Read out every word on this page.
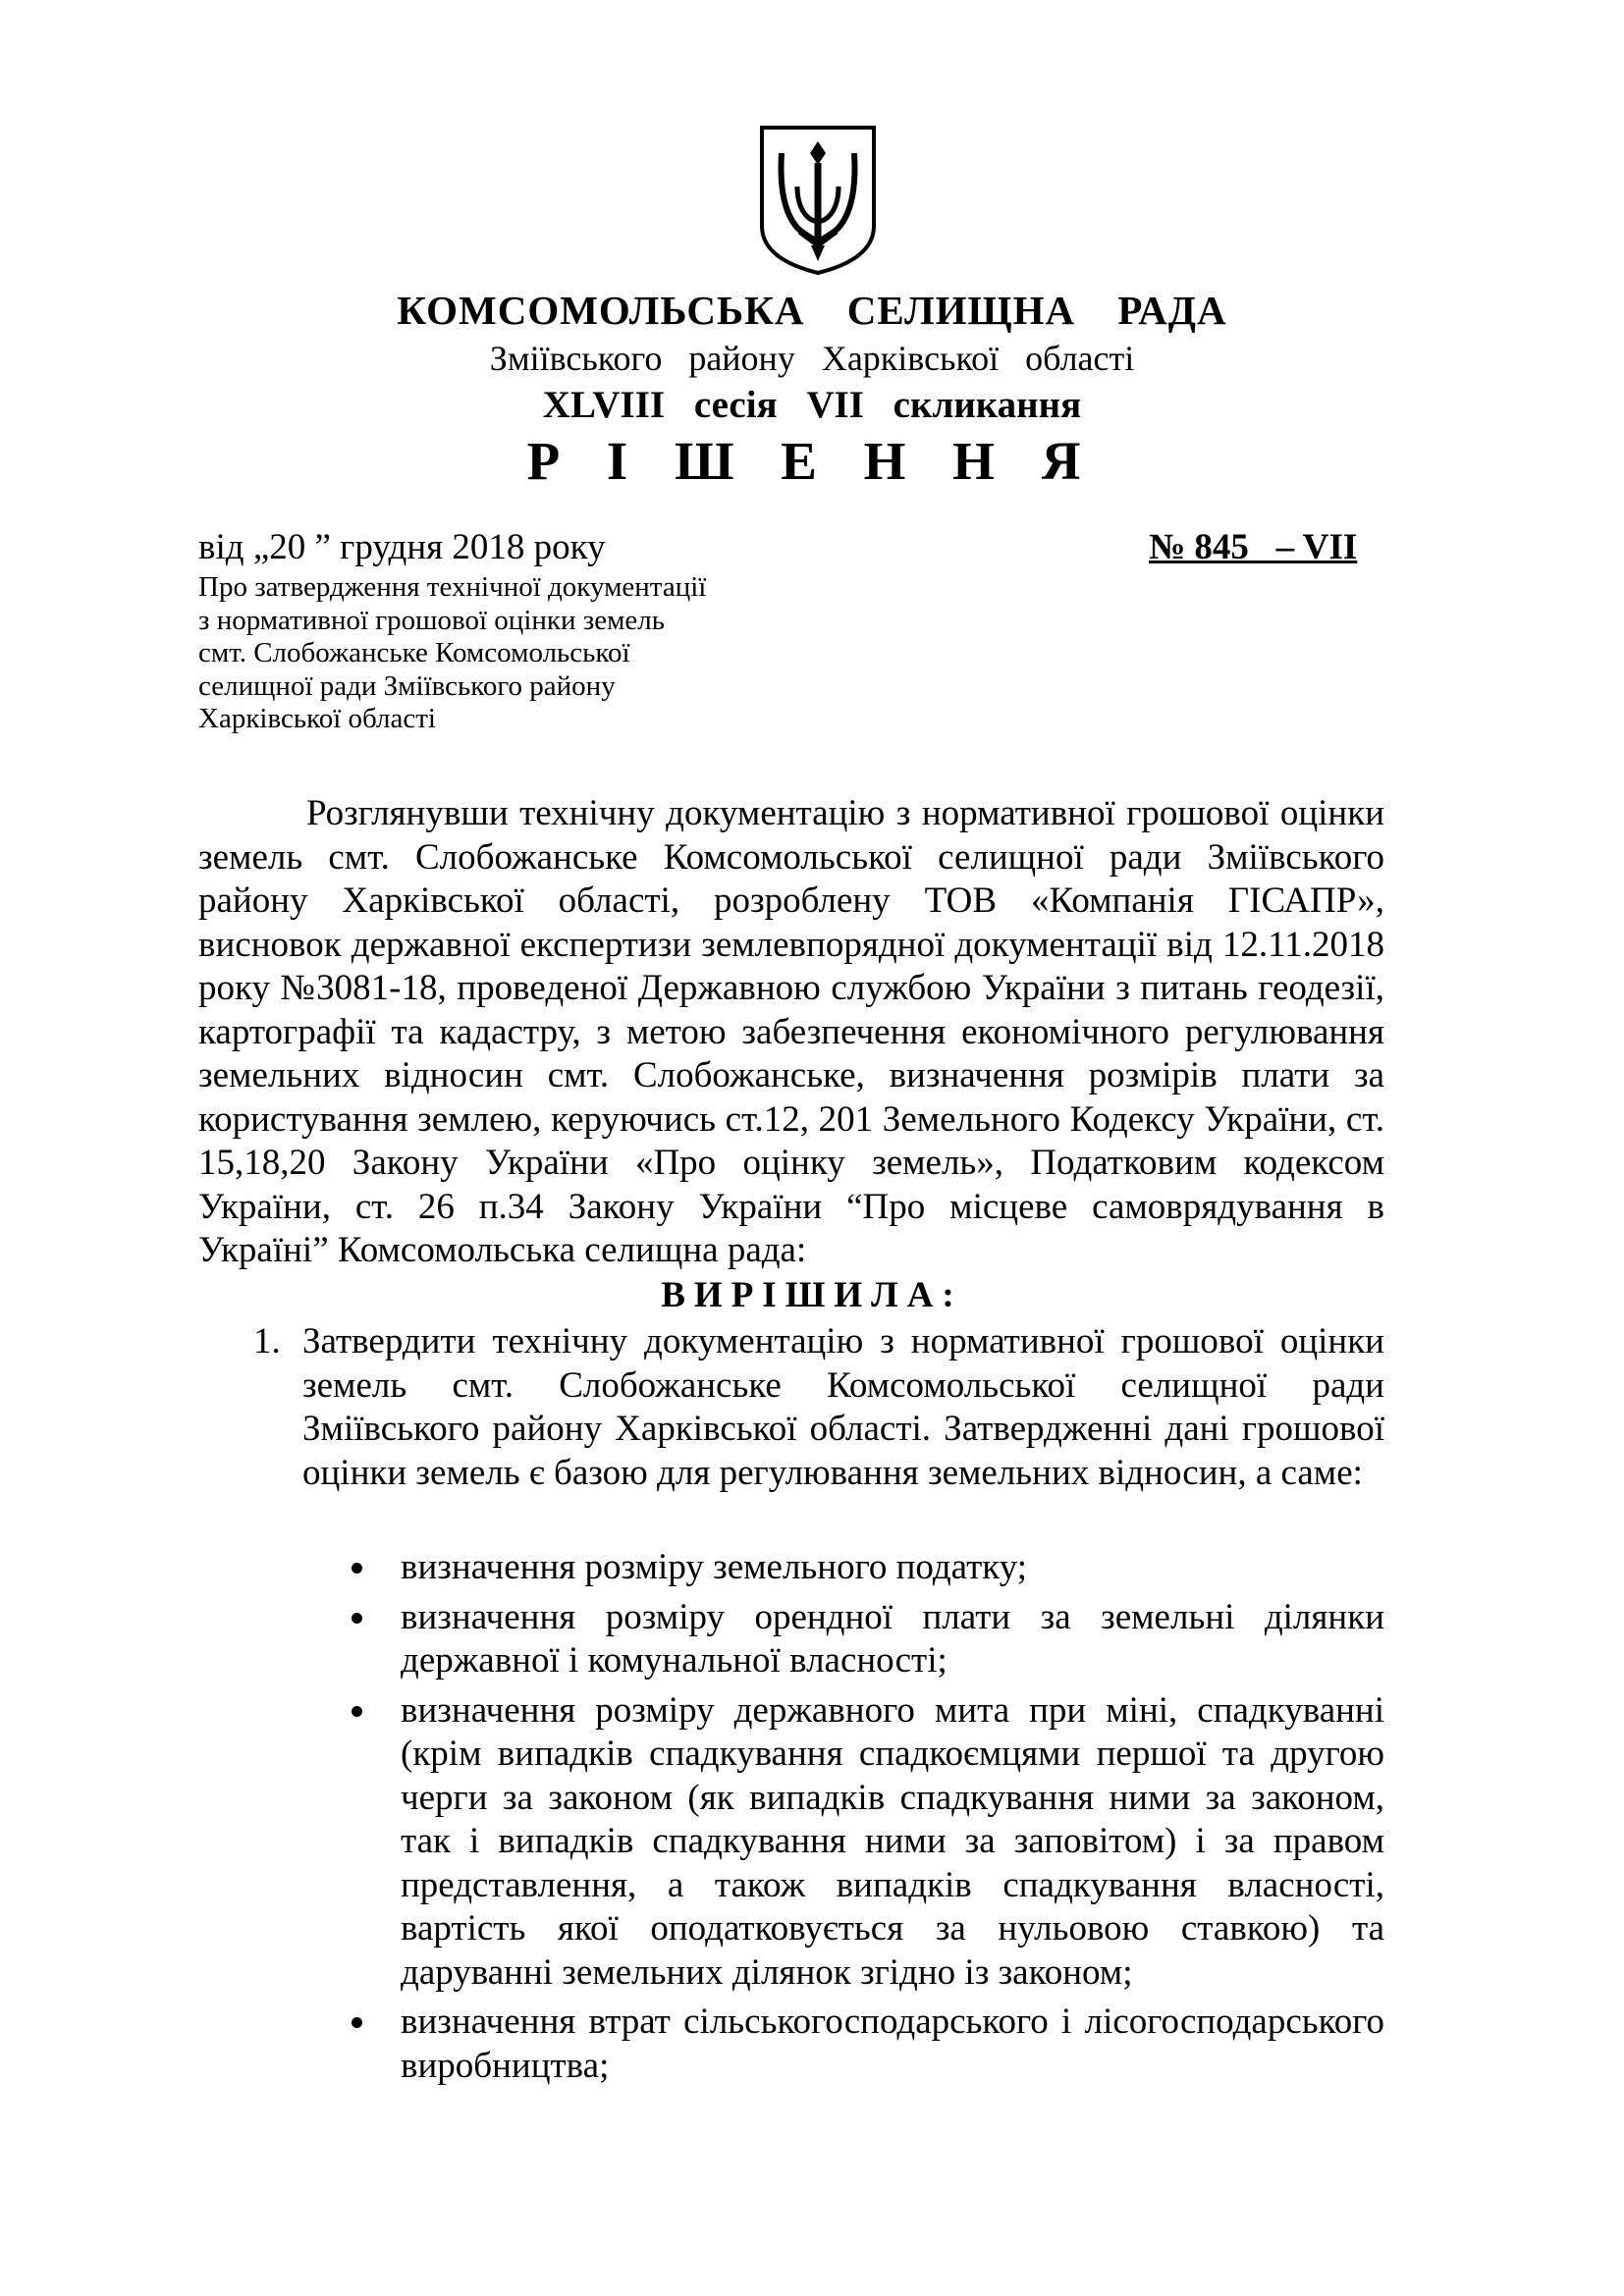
КОМСОМОЛЬСЬКА СЕЛИЩНА РАДА
Зміївського району Харківської області
XLVIII сесія VII скликання
Р І Ш Е Н Н Я
від „20 ” грудня 2018 року	№ 845   – VII
Про затвердження технічної документації
з нормативної грошової оцінки земель
смт. Слобожанське Комсомольської
селищної ради Зміївського району
Харківської області

Розглянувши технічну документацію з нормативної грошової оцінки земель смт. Слобожанське Комсомольської селищної ради Зміївського району Харківської області, розроблену ТОВ «Компанія ГІСАПР», висновок державної експертизи землевпорядної документації від 12.11.2018 року №3081-18, проведеної Державною службою України з питань геодезії, картографії та кадастру, з метою забезпечення економічного регулювання земельних відносин смт. Слобожанське, визначення розмірів плати за користування землею, керуючись ст.12, 201 Земельного Кодексу України, ст. 15,18,20 Закону України «Про оцінку земель», Податковим кодексом України, ст. 26 п.34 Закону України “Про місцеве самоврядування в Україні” Комсомольська селищна рада:

ВИРІШИЛА:
1. Затвердити технічну документацію з нормативної грошової оцінки земель смт. Слобожанське Комсомольської селищної ради Зміївського району Харківської області. Затвердженні дані грошової оцінки земель є базою для регулювання земельних відносин, а саме:

визначення розміру земельного податку;
визначення розміру орендної плати за земельні ділянки державної і комунальної власності;
визначення розміру державного мита при міні, спадкуванні (крім випадків спадкування спадкоємцями першої та другою черги за законом (як випадків спадкування ними за законом, так і випадків спадкування ними за заповітом) і за правом представлення, а також випадків спадкування власності, вартість якої оподатковується за нульовою ставкою) та даруванні земельних ділянок згідно із законом;
визначення втрат сільськогосподарського і лісогосподарського виробництва;
